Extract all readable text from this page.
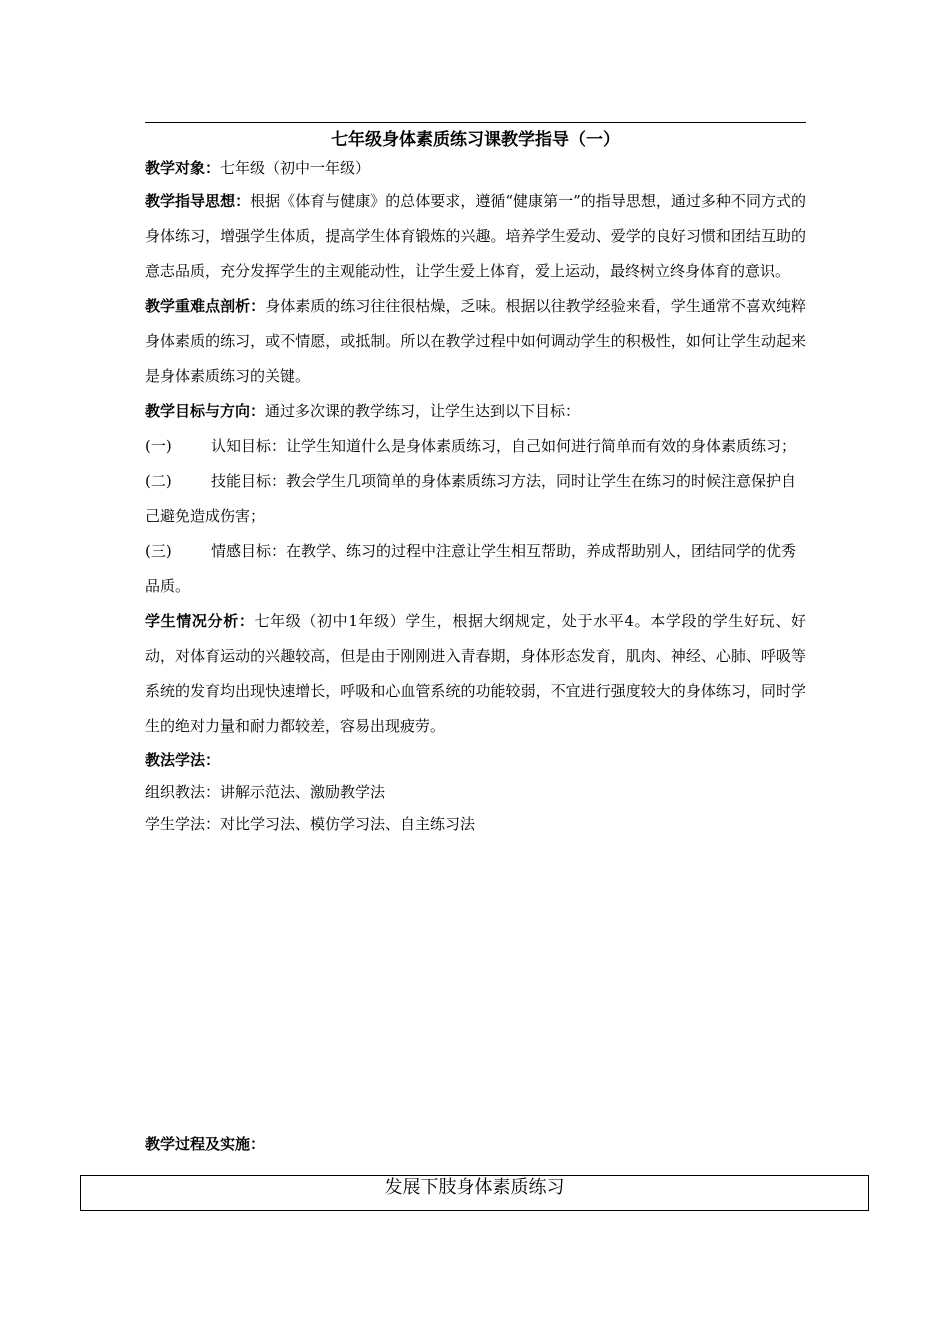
七年级身体素质练习课教学指导（一）

教学对象：七年级（初中一年级）

教学指导思想：根据《体育与健康》的总体要求，遵循“健康第一”的指导思想，通过多种不同方式的身体练习，增强学生体质，提高学生体育锻炼的兴趣。培养学生爱动、爱学的良好习惯和团结互助的意志品质，充分发挥学生的主观能动性，让学生爱上体育，爱上运动，最终树立终身体育的意识。

教学重难点剖析：身体素质的练习往往很枯燥，乏味。根据以往教学经验来看，学生通常不喜欢纯粹身体素质的练习，或不情愿，或抵制。所以在教学过程中如何调动学生的积极性，如何让学生动起来是身体素质练习的关键。

教学目标与方向：通过多次课的教学练习，让学生达到以下目标：

(一)	认知目标：让学生知道什么是身体素质练习，自己如何进行简单而有效的身体素质练习；

(二)	技能目标：教会学生几项简单的身体素质练习方法，同时让学生在练习的时候注意保护自己避免造成伤害；

(三)	情感目标：在教学、练习的过程中注意让学生相互帮助，养成帮助别人，团结同学的优秀品质。

学生情况分析：七年级（初中1年级）学生，根据大纲规定，处于水平4。本学段的学生好玩、好动，对体育运动的兴趣较高，但是由于刚刚进入青春期，身体形态发育，肌肉、神经、心肺、呼吸等系统的发育均出现快速增长，呼吸和心血管系统的功能较弱，不宜进行强度较大的身体练习，同时学生的绝对力量和耐力都较差，容易出现疲劳。

教法学法：

组织教法：讲解示范法、激励教学法

学生学法：对比学习法、模仿学习法、自主练习法

教学过程及实施：
发展下肢身体素质练习
